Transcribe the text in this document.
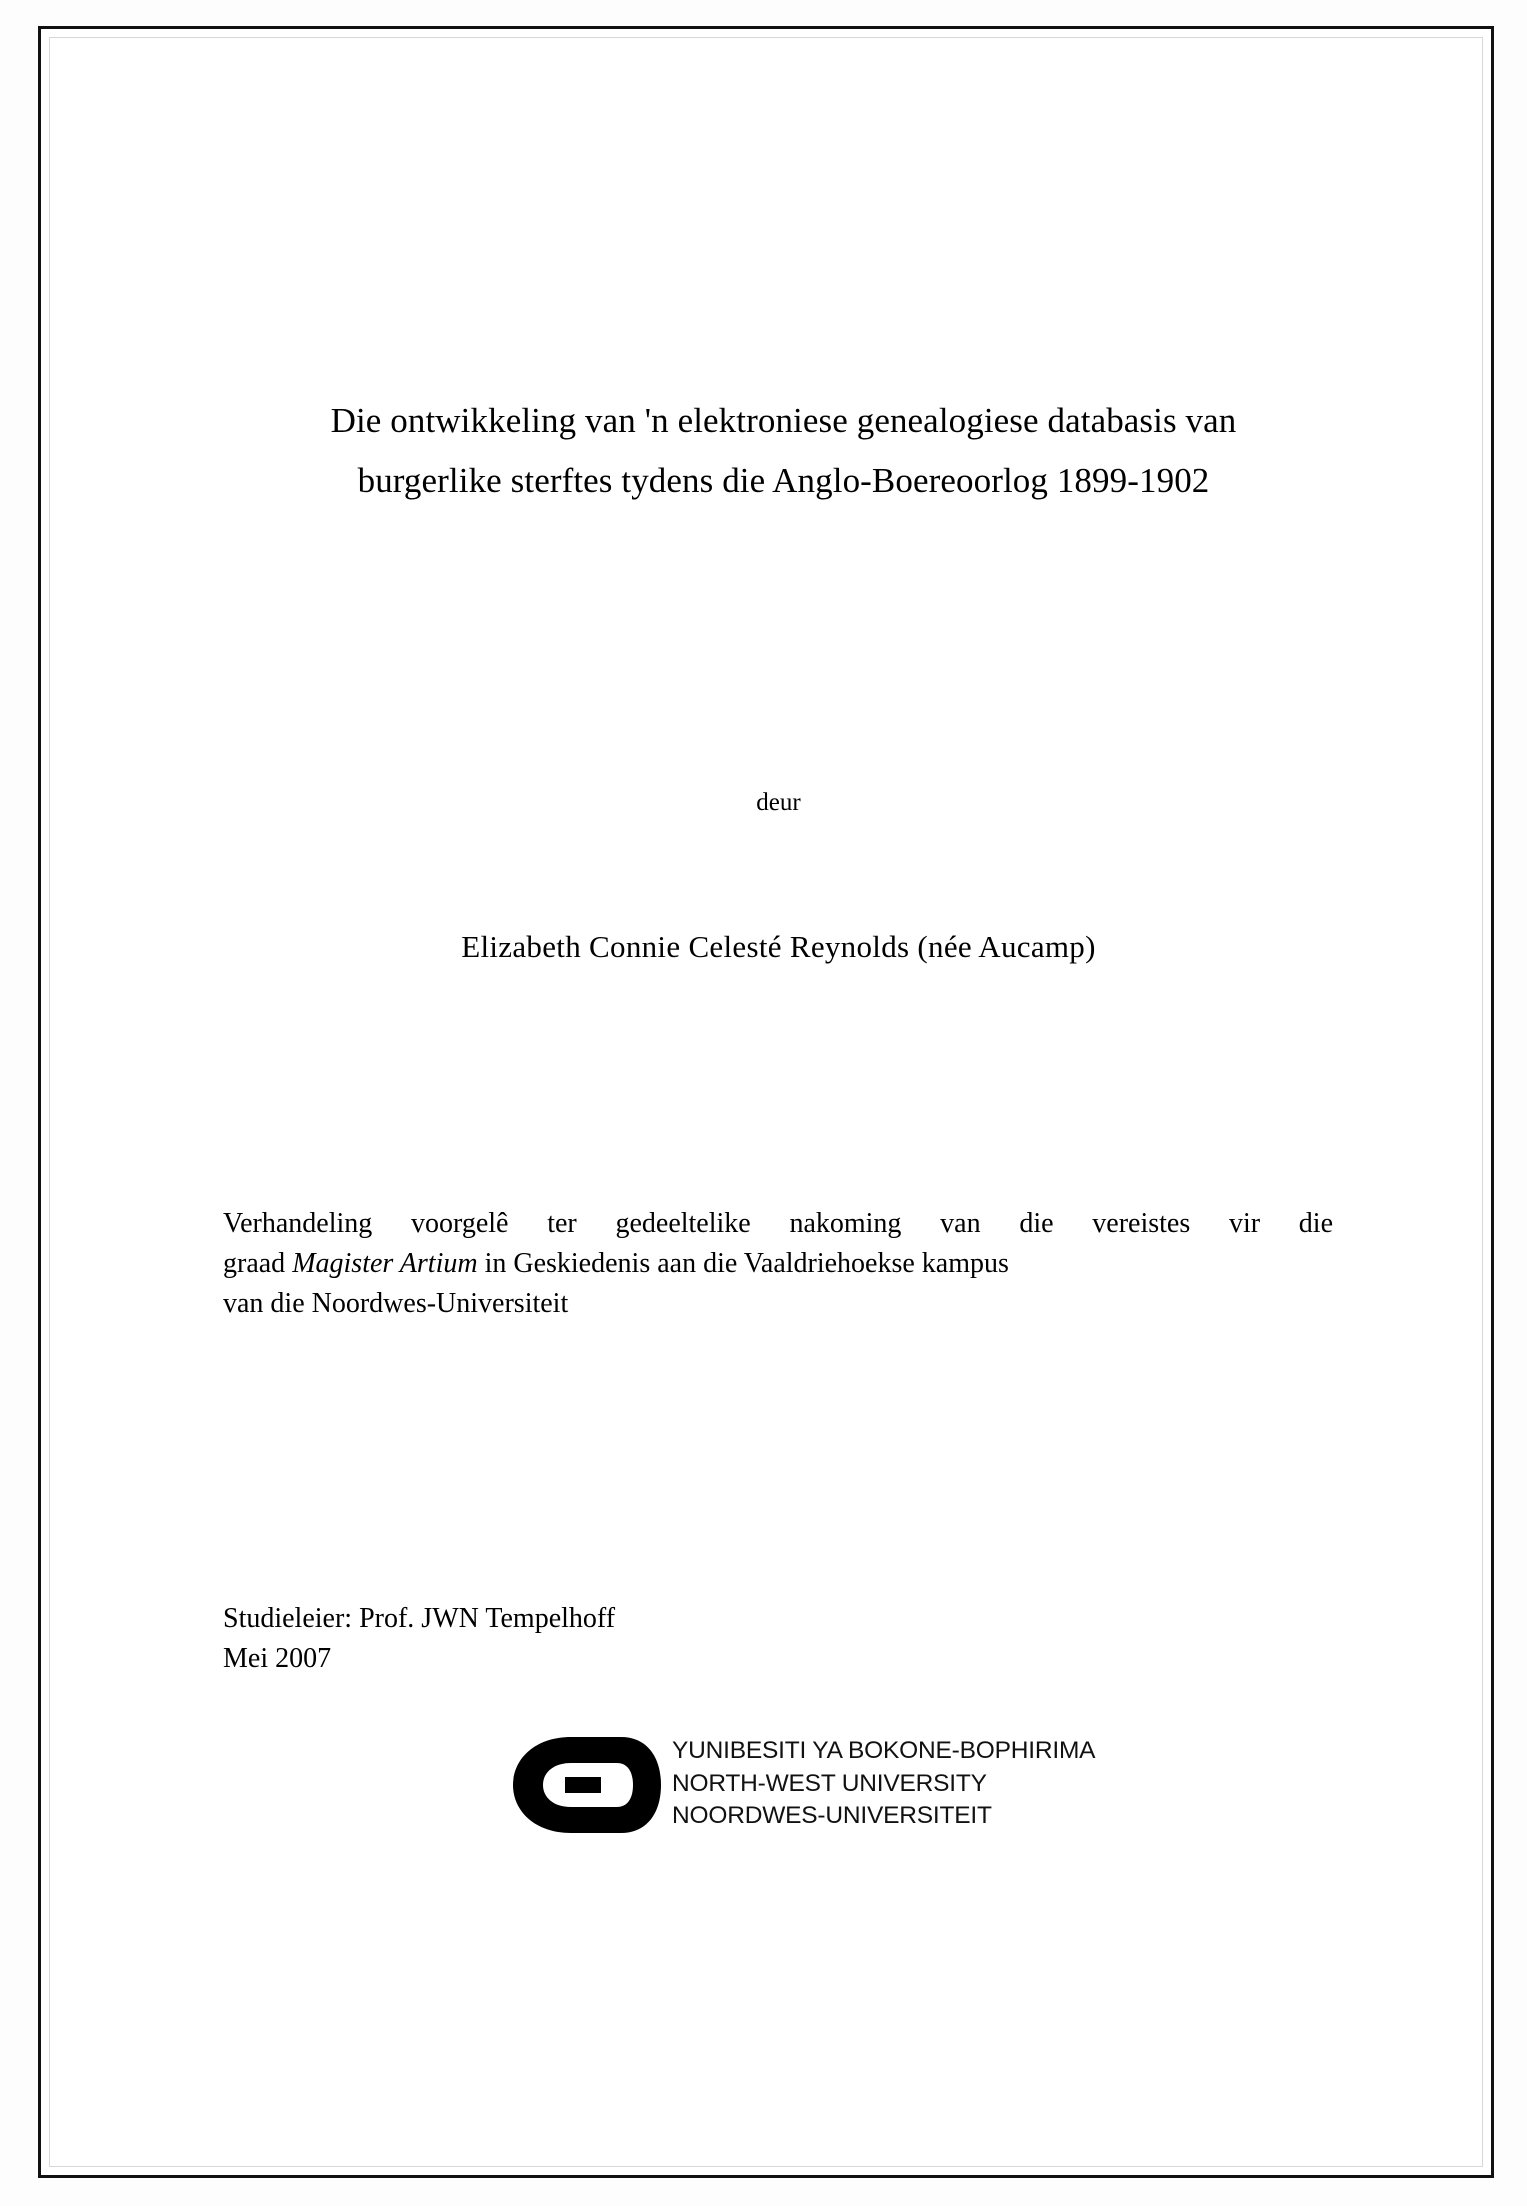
Die ontwikkeling van 'n elektroniese genealogiese databasis van
burgerlike sterftes tydens die Anglo-Boereoorlog 1899-1902
deur
Elizabeth Connie Celesté Reynolds (née Aucamp)
Verhandeling voorgelê ter gedeeltelike nakoming van die vereistes vir die
graad Magister Artium in Geskiedenis aan die Vaaldriehoekse kampus
van die Noordwes-Universiteit
Studieleier: Prof. JWN Tempelhoff
Mei 2007
YUNIBESITI YA BOKONE-BOPHIRIMA
NORTH-WEST UNIVERSITY
NOORDWES-UNIVERSITEIT
